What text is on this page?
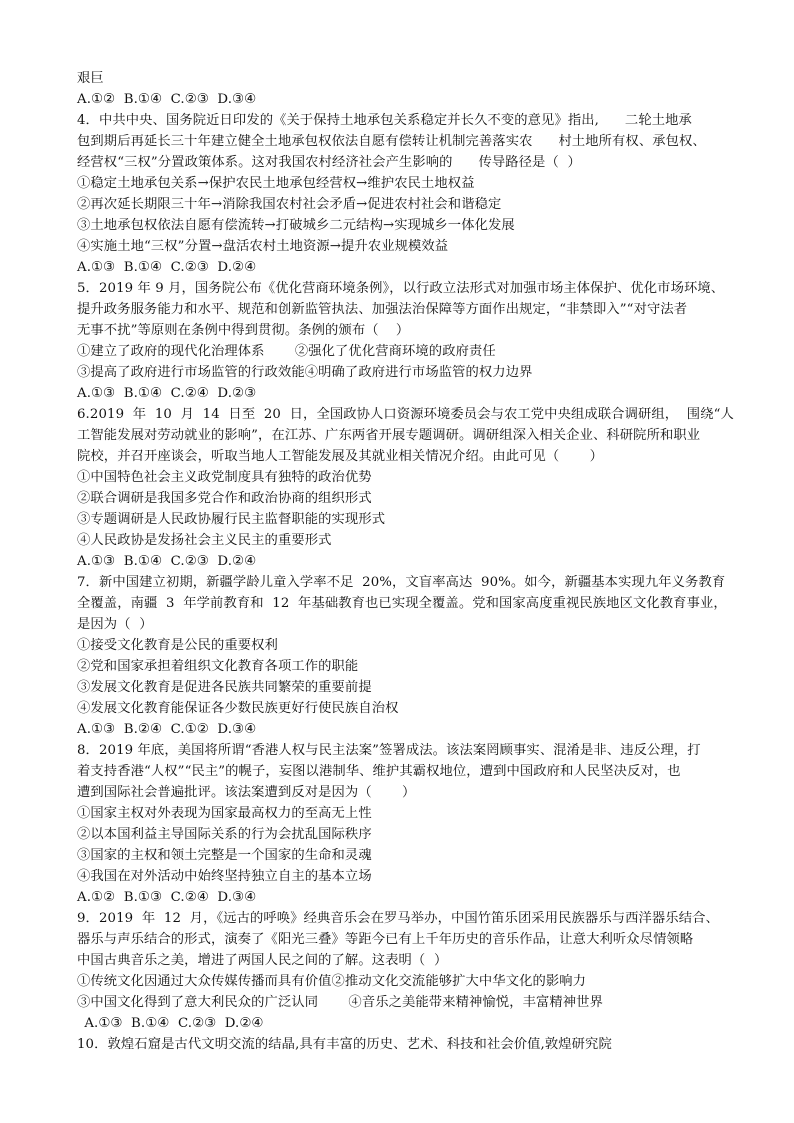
艰巨
A.①②  B.①④  C.②③  D.③④
4．中共中央、国务院近日印发的《关于保持土地承包关系稳定并长久不变的意见》指出,      二轮土地承
包到期后再延长三十年建立健全土地承包权依法自愿有偿转让机制完善落实农      村土地所有权、承包权、
经营权“三权”分置政策体系。这对我国农村经济社会产生影响的      传导路径是（  ）
①稳定土地承包关系→保护农民土地承包经营权→维护农民土地权益
②再次延长期限三十年→消除我国农村社会矛盾→促进农村社会和谐稳定
③土地承包权依法自愿有偿流转→打破城乡二元结构→实现城乡一体化发展
④实施土地“三权”分置→盘活农村土地资源→提升农业规模效益
A.①③  B.①④  C.②③  D.②④
5．2019 年 9 月，国务院公布《优化营商环境条例》，以行政立法形式对加强市场主体保护、优化市场环境、
提升政务服务能力和水平、规范和创新监管执法、加强法治保障等方面作出规定，“非禁即入”“对守法者
无事不扰”等原则在条例中得到贯彻。条例的颁布（    ）
①建立了政府的现代化治理体系       ②强化了优化营商环境的政府责任
③提高了政府进行市场监管的行政效能④明确了政府进行市场监管的权力边界
A.①③  B.①④  C.②④  D.②③
6.2019  年  10  月  14  日至  20  日，全国政协人口资源环境委员会与农工党中央组成联合调研组，  围绕“人
工智能发展对劳动就业的影响”，在江苏、广东两省开展专题调研。调研组深入相关企业、科研院所和职业
院校，并召开座谈会，听取当地人工智能发展及其就业相关情况介绍。由此可见（       ）
①中国特色社会主义政党制度具有独特的政治优势
②联合调研是我国多党合作和政治协商的组织形式
③专题调研是人民政协履行民主监督职能的实现形式
④人民政协是发扬社会主义民主的重要形式
A.①③  B.①④  C.②③  D.②④
7．新中国建立初期，新疆学龄儿童入学率不足  20%，文盲率高达  90%。如今，新疆基本实现九年义务教育
全覆盖，南疆  3  年学前教育和  12  年基础教育也已实现全覆盖。党和国家高度重视民族地区文化教育事业，
是因为（  ）
①接受文化教育是公民的重要权利
②党和国家承担着组织文化教育各项工作的职能
③发展文化教育是促进各民族共同繁荣的重要前提
④发展文化教育能保证各少数民族更好行使民族自治权
A.①③  B.②④  C.①②  D.③④
8．2019 年底，美国将所谓“香港人权与民主法案”签署成法。该法案罔顾事实、混淆是非、违反公理，打
着支持香港“人权”“民主”的幌子，妄图以港制华、维护其霸权地位，遭到中国政府和人民坚决反对，也
遭到国际社会普遍批评。该法案遭到反对是因为（       ）
①国家主权对外表现为国家最高权力的至高无上性
②以本国利益主导国际关系的行为会扰乱国际秩序
③国家的主权和领土完整是一个国家的生命和灵魂
④我国在对外活动中始终坚持独立自主的基本立场
A.①②  B.①③  C.②④  D.③④
9．2019  年  12  月，《远古的呼唤》经典音乐会在罗马举办，中国竹笛乐团采用民族器乐与西洋器乐结合、
器乐与声乐结合的形式，演奏了《阳光三叠》等距今已有上千年历史的音乐作品，让意大利听众尽情领略
中国古典音乐之美，增进了两国人民之间的了解。这表明（  ）
①传统文化因通过大众传媒传播而具有价值②推动文化交流能够扩大中华文化的影响力
③中国文化得到了意大利民众的广泛认同       ④音乐之美能带来精神愉悦，丰富精神世界
A.①③  B.①④  C.②③  D.②④
10．敦煌石窟是古代文明交流的结晶,具有丰富的历史、艺术、科技和社会价值,敦煌研究院
